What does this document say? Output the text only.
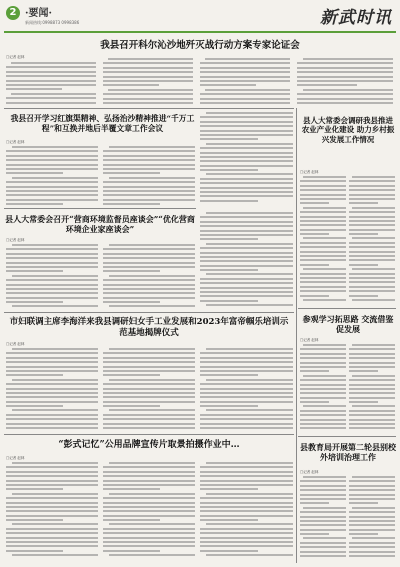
2 ·要闻·
新闻热线:0998873 0998386	新武时讯
我县召开科尔沁沙地歼灭战行动方案专家论证会
□记者 赵林
我县召开学习红旗渠精神、弘扬治沙精神推进“千万工程”和互换并地后半覆文章工作会议
□记者 赵林
县人大常委会召开“营商环境监督员座谈会”“优化营商环境企业家座谈会”
□记者 赵林
市妇联调主席李海洋来我县调研妇女手工业发展和2023年富帝帼乐培训示范基地揭牌仪式
□记者 赵林
“彭式记忆”公用品牌宣传片取景拍摄作业中…
□记者 赵林
县人大常委会调研我县推进农业产业化建设 助力乡村振兴发展工作情况
□记者 赵林
参观学习拓思路 交流借鉴促发展
□记者 赵林
县教育局开展第二轮县别校外培训治理工作
□记者 赵林
